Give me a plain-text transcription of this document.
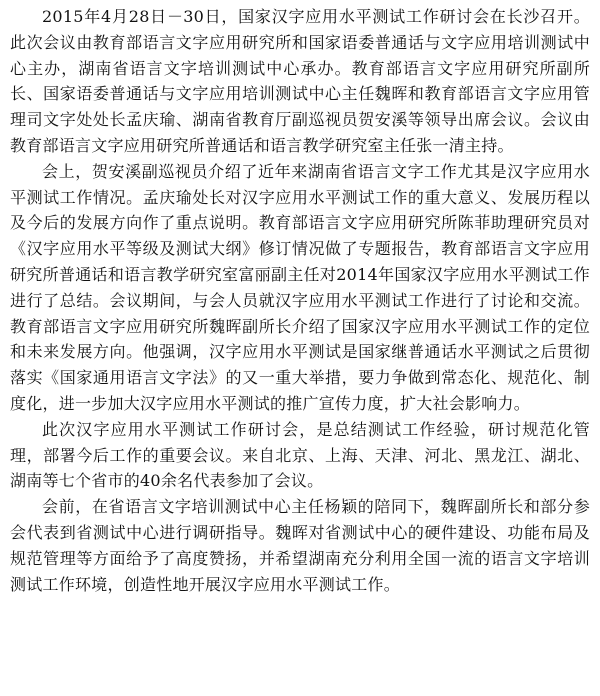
2015年4月28日－30日，国家汉字应用水平测试工作研讨会在长沙召开。此次会议由教育部语言文字应用研究所和国家语委普通话与文字应用培训测试中心主办，湖南省语言文字培训测试中心承办。教育部语言文字应用研究所副所长、国家语委普通话与文字应用培训测试中心主任魏晖和教育部语言文字应用管理司文字处处长孟庆瑜、湖南省教育厅副巡视员贺安溪等领导出席会议。会议由教育部语言文字应用研究所普通话和语言教学研究室主任张一清主持。

会上，贺安溪副巡视员介绍了近年来湖南省语言文字工作尤其是汉字应用水平测试工作情况。孟庆瑜处长对汉字应用水平测试工作的重大意义、发展历程以及今后的发展方向作了重点说明。教育部语言文字应用研究所陈菲助理研究员对《汉字应用水平等级及测试大纲》修订情况做了专题报告，教育部语言文字应用研究所普通话和语言教学研究室富丽副主任对2014年国家汉字应用水平测试工作进行了总结。会议期间，与会人员就汉字应用水平测试工作进行了讨论和交流。教育部语言文字应用研究所魏晖副所长介绍了国家汉字应用水平测试工作的定位和未来发展方向。他强调，汉字应用水平测试是国家继普通话水平测试之后贯彻落实《国家通用语言文字法》的又一重大举措，要力争做到常态化、规范化、制度化，进一步加大汉字应用水平测试的推广宣传力度，扩大社会影响力。

此次汉字应用水平测试工作研讨会，是总结测试工作经验，研讨规范化管理，部署今后工作的重要会议。来自北京、上海、天津、河北、黑龙江、湖北、湖南等七个省市的40余名代表参加了会议。

会前，在省语言文字培训测试中心主任杨颖的陪同下，魏晖副所长和部分参会代表到省测试中心进行调研指导。魏晖对省测试中心的硬件建设、功能布局及规范管理等方面给予了高度赞扬，并希望湖南充分利用全国一流的语言文字培训测试工作环境，创造性地开展汉字应用水平测试工作。
